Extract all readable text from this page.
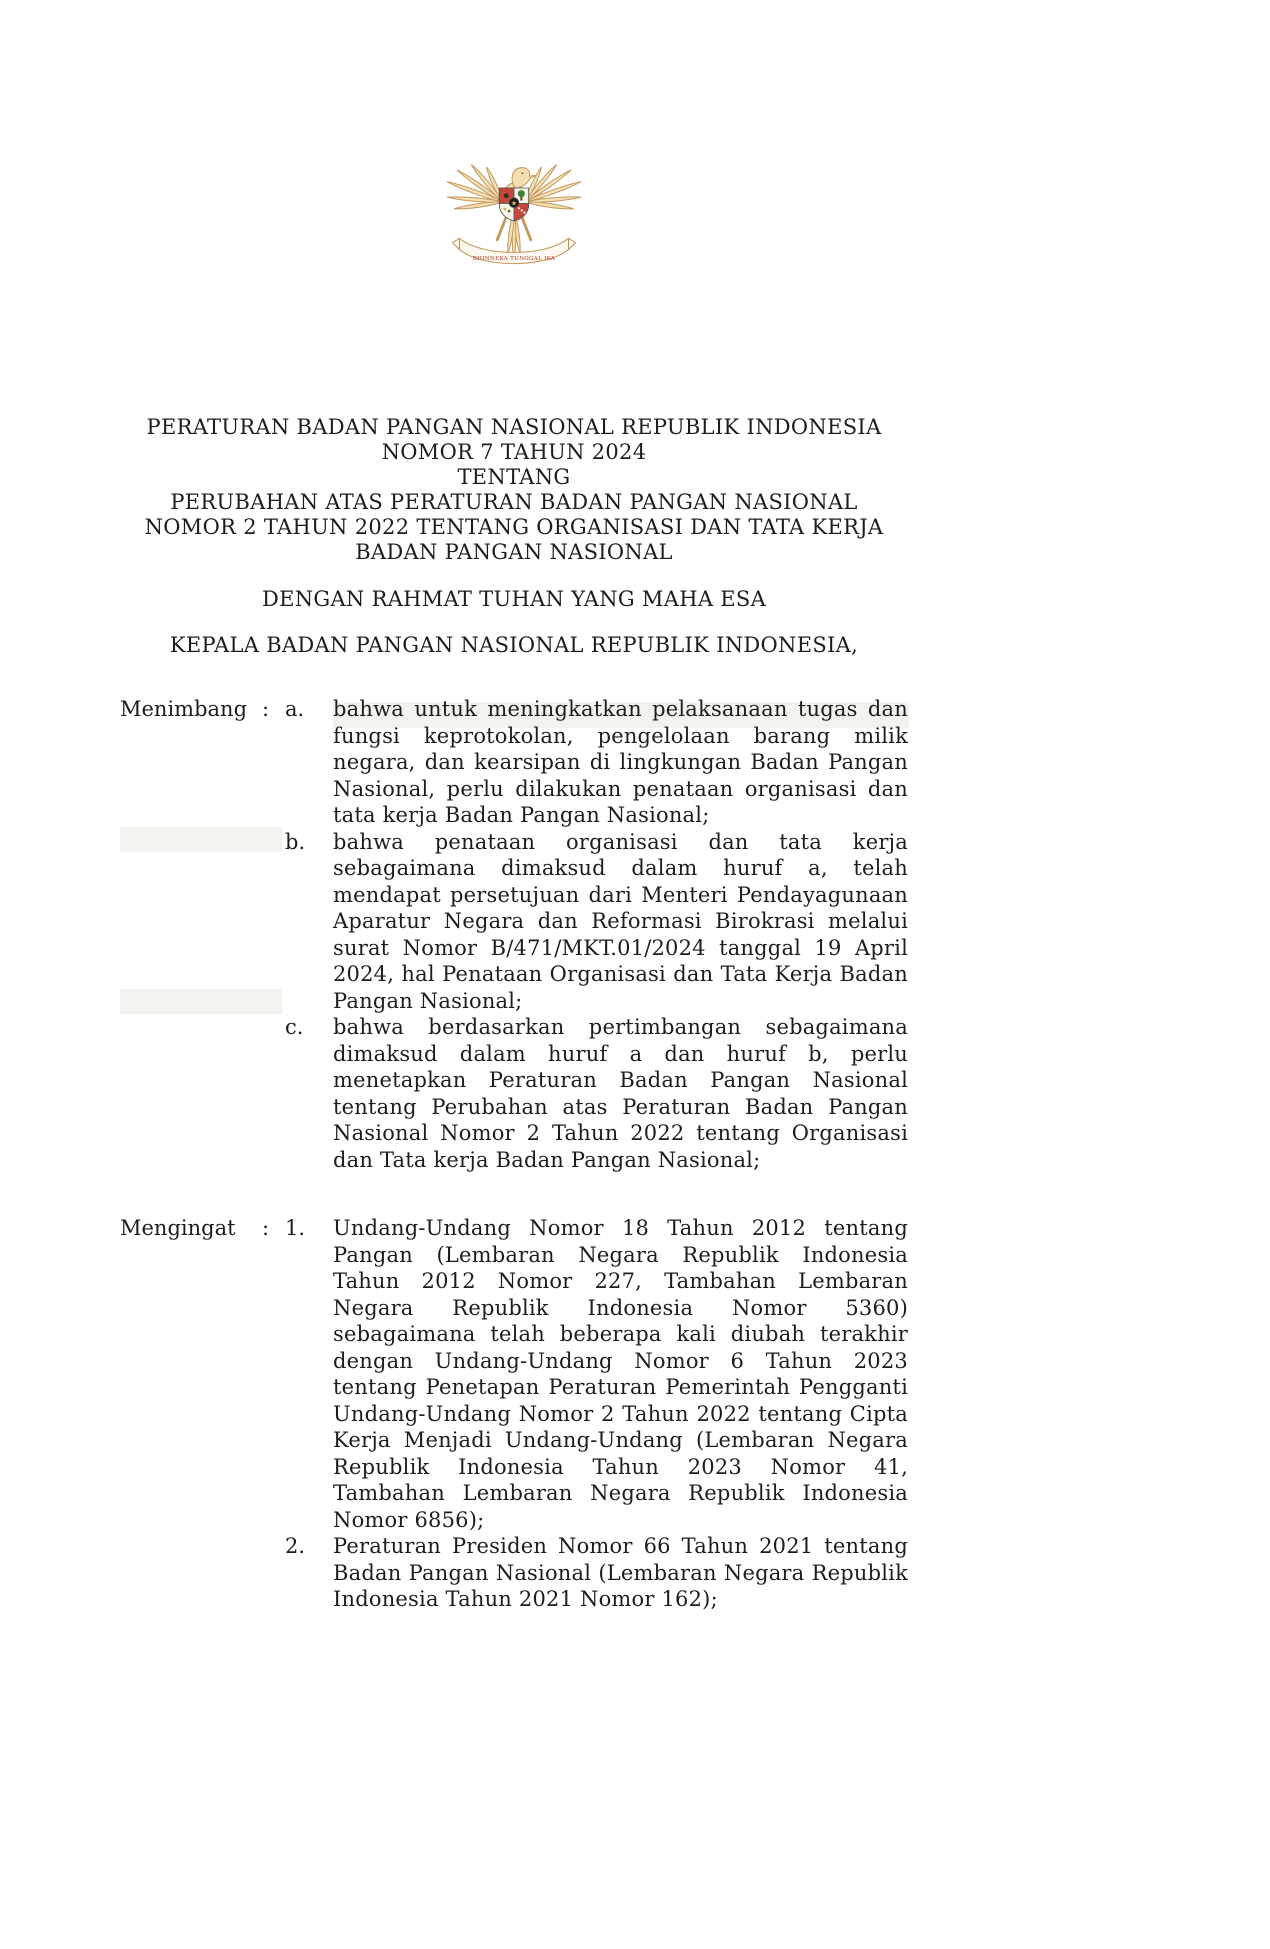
★
BHINNEKA TUNGGAL IKA
PERATURAN BADAN PANGAN NASIONAL REPUBLIK INDONESIA
NOMOR 7 TAHUN 2024
TENTANG
PERUBAHAN ATAS PERATURAN BADAN PANGAN NASIONAL
NOMOR 2 TAHUN 2022 TENTANG ORGANISASI DAN TATA KERJA
BADAN PANGAN NASIONAL
DENGAN RAHMAT TUHAN YANG MAHA ESA
KEPALA BADAN PANGAN NASIONAL REPUBLIK INDONESIA,
Menimbang : a.	bahwa untuk meningkatkan pelaksanaan tugas dan fungsi keprotokolan, pengelolaan barang milik negara, dan kearsipan di lingkungan Badan Pangan Nasional, perlu dilakukan penataan organisasi dan tata kerja Badan Pangan Nasional;
b.	bahwa penataan organisasi dan tata kerja sebagaimana dimaksud dalam huruf a, telah mendapat persetujuan dari Menteri Pendayagunaan Aparatur Negara dan Reformasi Birokrasi melalui surat Nomor B/471/MKT.01/2024 tanggal 19 April 2024, hal Penataan Organisasi dan Tata Kerja Badan Pangan Nasional;
c.	bahwa berdasarkan pertimbangan sebagaimana dimaksud dalam huruf a dan huruf b, perlu menetapkan Peraturan Badan Pangan Nasional tentang Perubahan atas Peraturan Badan Pangan Nasional Nomor 2 Tahun 2022 tentang Organisasi dan Tata kerja Badan Pangan Nasional;
Mengingat	: 1.	Undang-Undang Nomor 18 Tahun 2012 tentang Pangan (Lembaran Negara Republik Indonesia Tahun 2012 Nomor 227, Tambahan Lembaran Negara Republik Indonesia Nomor 5360) sebagaimana telah beberapa kali diubah terakhir dengan Undang-Undang Nomor 6 Tahun 2023 tentang Penetapan Peraturan Pemerintah Pengganti Undang-Undang Nomor 2 Tahun 2022 tentang Cipta Kerja Menjadi Undang-Undang (Lembaran Negara Republik Indonesia Tahun 2023 Nomor 41, Tambahan Lembaran Negara Republik Indonesia Nomor 6856);
2.	Peraturan Presiden Nomor 66 Tahun 2021 tentang Badan Pangan Nasional (Lembaran Negara Republik Indonesia Tahun 2021 Nomor 162);
